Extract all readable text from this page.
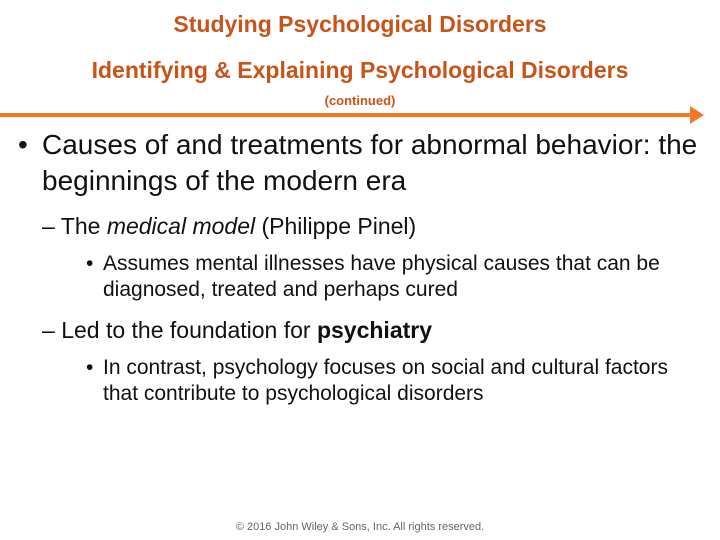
Studying Psychological Disorders
Identifying & Explaining Psychological Disorders
(continued)
• Causes of and treatments for abnormal behavior: the beginnings of the modern era
– The medical model (Philippe Pinel)
• Assumes mental illnesses have physical causes that can be diagnosed, treated and perhaps cured
– Led to the foundation for psychiatry
• In contrast, psychology focuses on social and cultural factors that contribute to psychological disorders
© 2016 John Wiley & Sons, Inc. All rights reserved.
